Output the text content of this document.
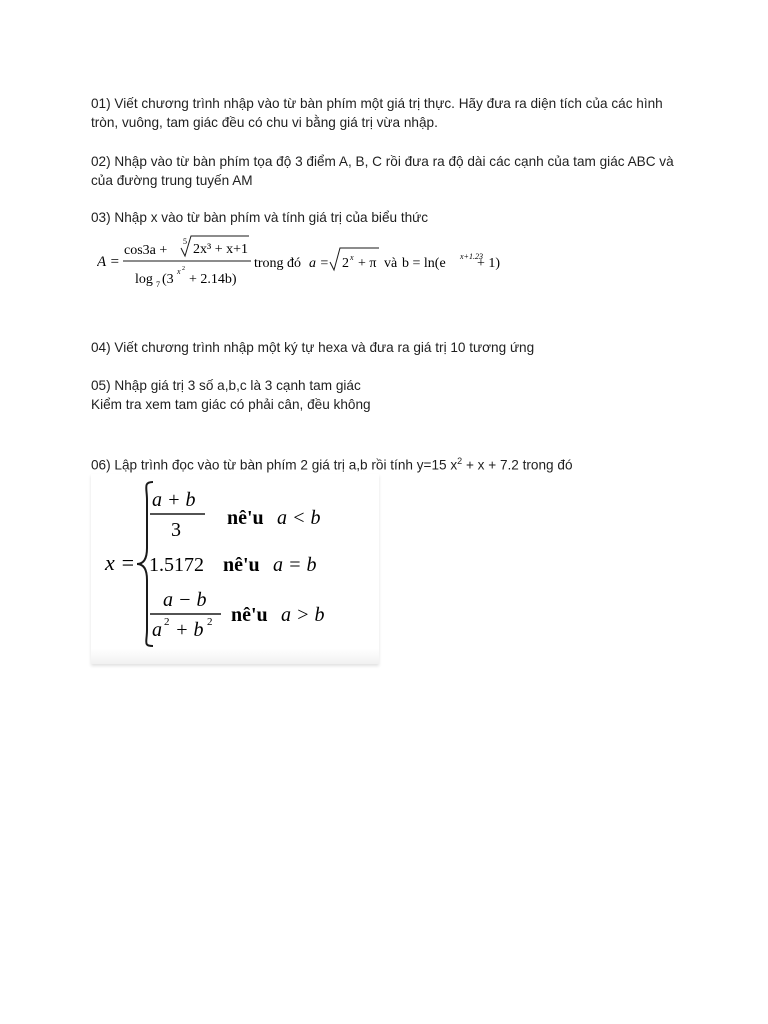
01) Viết chương trình nhập vào từ bàn phím một giá trị thực. Hãy đưa ra diện tích của các hình
tròn, vuông, tam giác đều có chu vi bằng giá trị vừa nhập.

02) Nhập vào từ bàn phím tọa độ 3 điểm A, B, C rồi đưa ra độ dài các cạnh của tam giác ABC và
của đường trung tuyến AM

03) Nhập x vào từ bàn phím và tính giá trị của biểu thức

A =
cos3a +
5
2x³ + x+1
log 7 (3
x 2
+ 2.14b)
trong đó a = 2 x + π và b = ln(e x+1.23
+ 1)

04) Viết chương trình nhập một ký tự hexa và đưa ra giá trị 10 tương ứng

05) Nhập giá trị 3 số a,b,c là 3 cạnh tam giác
Kiểm tra xem tam giác có phải cân, đều không

06) Lập trình đọc vào từ bàn phím 2 giá trị a,b rồi tính y=15 $x^2 + x + 7.2$ trong đó

x =
a + b
3
nê'u a < b
1.5172 nê'u a = b
a − b
a 2 + b 2 nê'u a > b
